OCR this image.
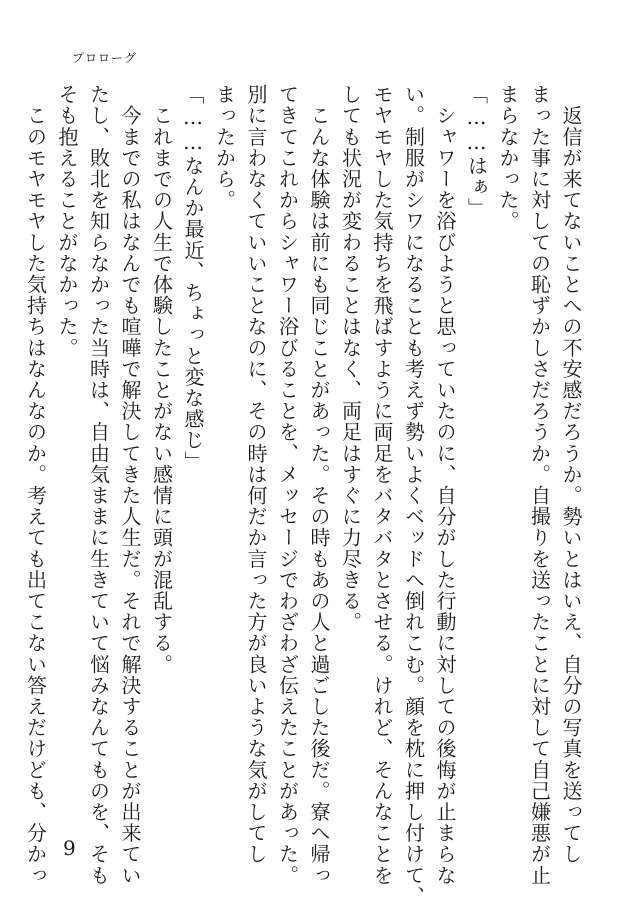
プロローグ
　返信が来てないことへの不安感だろうか。勢いとはいえ、自分の写真を送ってし
まった事に対しての恥ずかしさだろうか。自撮りを送ったことに対して自己嫌悪が止
まらなかった。
「……はぁ」
　シャワーを浴びようと思っていたのに、自分がした行動に対しての後悔が止まらな
い。制服がシワになることも考えず勢いよくベッドへ倒れこむ。顔を枕に押し付けて、
モヤモヤした気持ちを飛ばすように両足をバタバタとさせる。けれど、そんなことを
しても状況が変わることはなく、両足はすぐに力尽きる。
　こんな体験は前にも同じことがあった。その時もあの人と過ごした後だ。寮へ帰っ
てきてこれからシャワー浴びることを、メッセージでわざわざ伝えたことがあった。
別に言わなくていいことなのに、その時は何だか言った方が良いような気がしてし
まったから。
「……なんか最近、ちょっと変な感じ」
　これまでの人生で体験したことがない感情に頭が混乱する。
　今までの私はなんでも喧嘩で解決してきた人生だ。それで解決することが出来てい
たし、敗北を知らなかった当時は、自由気ままに生きていて悩みなんてものを、そも
そも抱えることがなかった。
　このモヤモヤした気持ちはなんなのか。考えても出てこない答えだけども、分かっ 9
